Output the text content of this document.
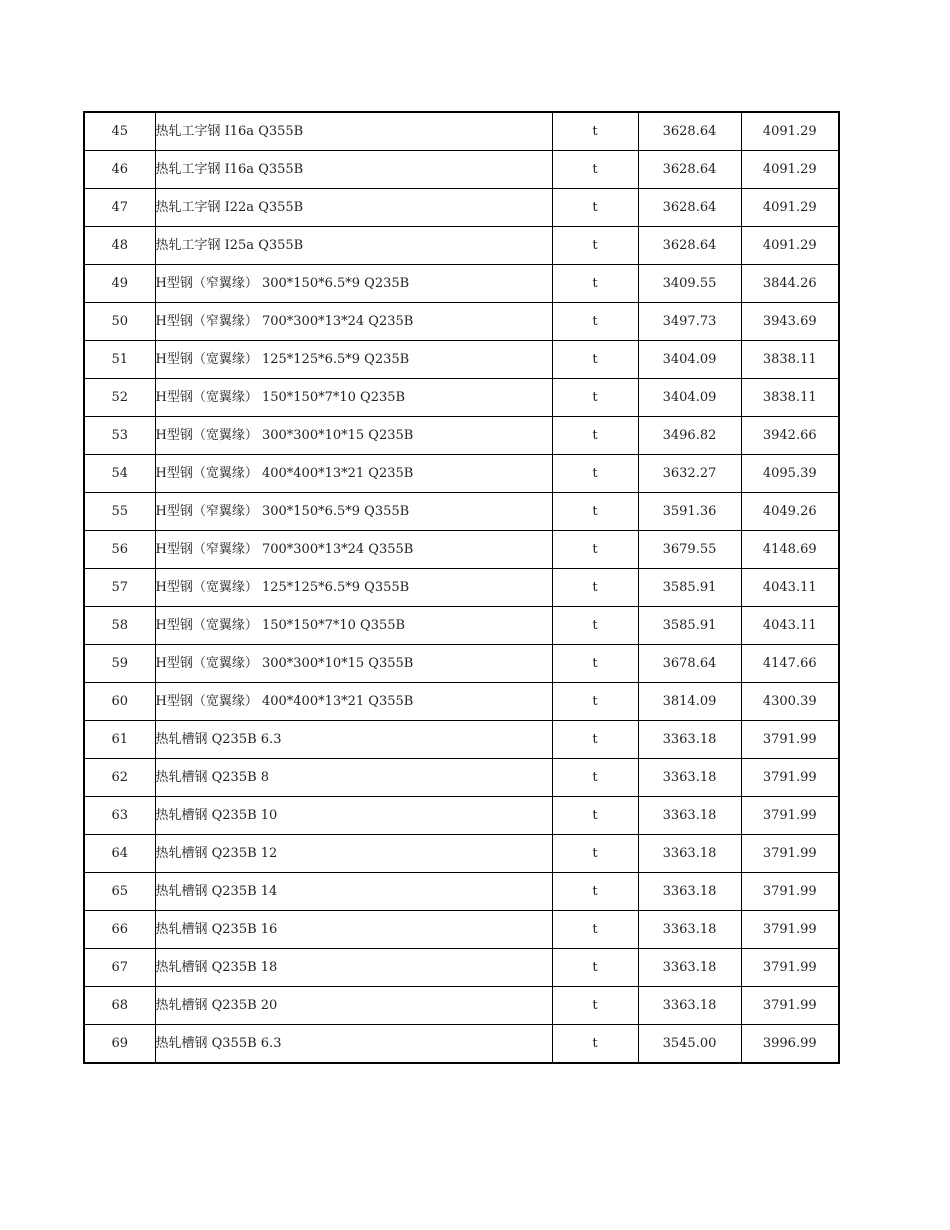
45	热轧工字钢 I16a Q355B	t	3628.64	4091.29
46	热轧工字钢 I16a Q355B	t	3628.64	4091.29
47	热轧工字钢 I22a Q355B	t	3628.64	4091.29
48	热轧工字钢 I25a Q355B	t	3628.64	4091.29
49	H型钢（窄翼缘） 300*150*6.5*9 Q235B	t	3409.55	3844.26
50	H型钢（窄翼缘） 700*300*13*24 Q235B	t	3497.73	3943.69
51	H型钢（宽翼缘） 125*125*6.5*9 Q235B	t	3404.09	3838.11
52	H型钢（宽翼缘） 150*150*7*10 Q235B	t	3404.09	3838.11
53	H型钢（宽翼缘） 300*300*10*15 Q235B	t	3496.82	3942.66
54	H型钢（宽翼缘） 400*400*13*21 Q235B	t	3632.27	4095.39
55	H型钢（窄翼缘） 300*150*6.5*9 Q355B	t	3591.36	4049.26
56	H型钢（窄翼缘） 700*300*13*24 Q355B	t	3679.55	4148.69
57	H型钢（宽翼缘） 125*125*6.5*9 Q355B	t	3585.91	4043.11
58	H型钢（宽翼缘） 150*150*7*10 Q355B	t	3585.91	4043.11
59	H型钢（宽翼缘） 300*300*10*15 Q355B	t	3678.64	4147.66
60	H型钢（宽翼缘） 400*400*13*21 Q355B	t	3814.09	4300.39
61	热轧槽钢 Q235B 6.3	t	3363.18	3791.99
62	热轧槽钢 Q235B 8	t	3363.18	3791.99
63	热轧槽钢 Q235B 10	t	3363.18	3791.99
64	热轧槽钢 Q235B 12	t	3363.18	3791.99
65	热轧槽钢 Q235B 14	t	3363.18	3791.99
66	热轧槽钢 Q235B 16	t	3363.18	3791.99
67	热轧槽钢 Q235B 18	t	3363.18	3791.99
68	热轧槽钢 Q235B 20	t	3363.18	3791.99
69	热轧槽钢 Q355B 6.3	t	3545.00	3996.99
